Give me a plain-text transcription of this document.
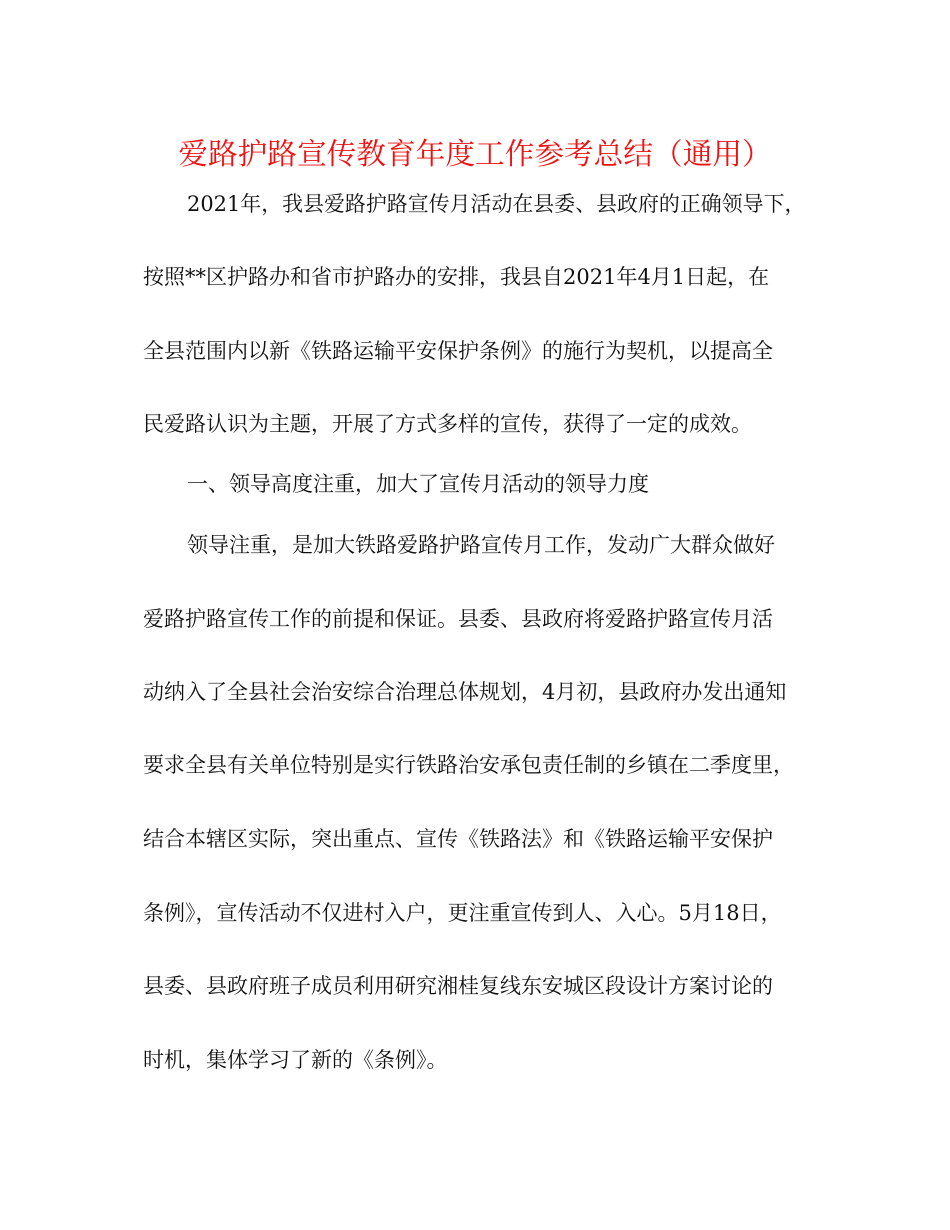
爱路护路宣传教育年度工作参考总结（通用）
2021年，我县爱路护路宣传月活动在县委、县政府的正确领导下，
按照**区护路办和省市护路办的安排，我县自2021年4月1日起，在
全县范围内以新《铁路运输平安保护条例》的施行为契机，以提高全
民爱路认识为主题，开展了方式多样的宣传，获得了一定的成效。
一、领导高度注重，加大了宣传月活动的领导力度
领导注重，是加大铁路爱路护路宣传月工作，发动广大群众做好
爱路护路宣传工作的前提和保证。县委、县政府将爱路护路宣传月活
动纳入了全县社会治安综合治理总体规划，4月初，县政府办发出通知
要求全县有关单位特别是实行铁路治安承包责任制的乡镇在二季度里，
结合本辖区实际，突出重点、宣传《铁路法》和《铁路运输平安保护
条例》，宣传活动不仅进村入户，更注重宣传到人、入心。5月18日，
县委、县政府班子成员利用研究湘桂复线东安城区段设计方案讨论的
时机，集体学习了新的《条例》。
